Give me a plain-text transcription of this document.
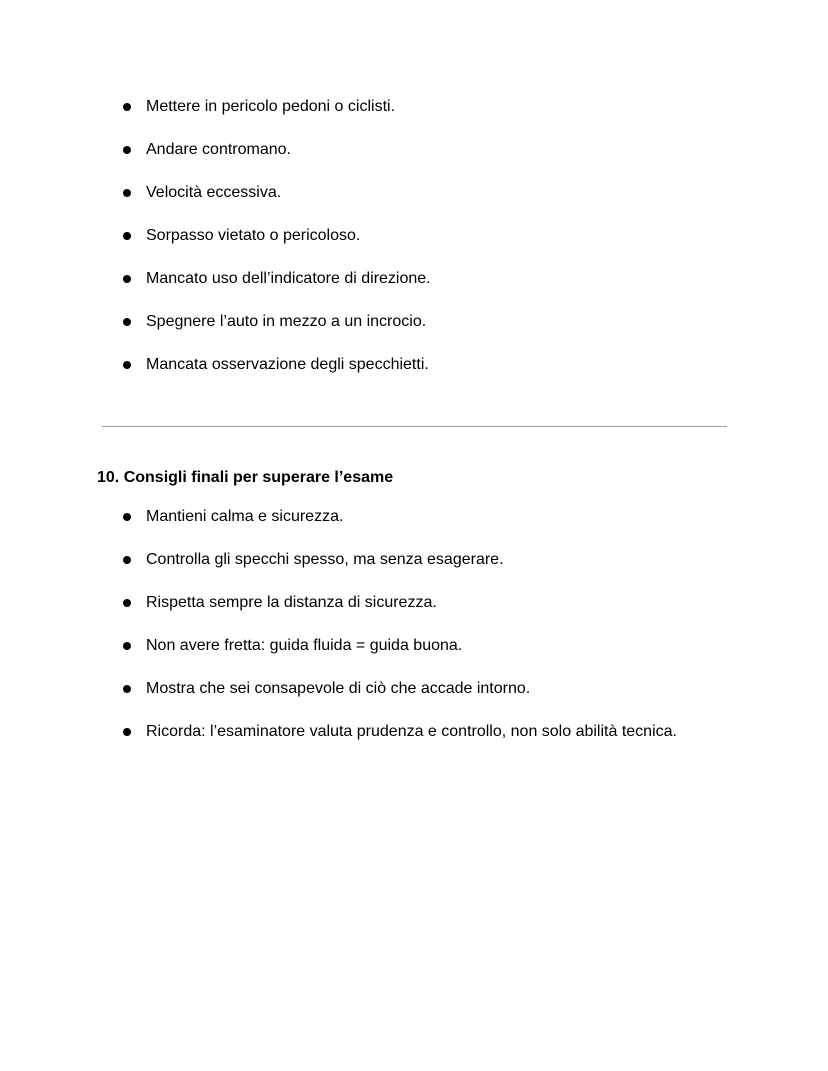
Mettere in pericolo pedoni o ciclisti.
Andare contromano.
Velocità eccessiva.
Sorpasso vietato o pericoloso.
Mancato uso dell’indicatore di direzione.
Spegnere l’auto in mezzo a un incrocio.
Mancata osservazione degli specchietti.
10. Consigli finali per superare l’esame
Mantieni calma e sicurezza.
Controlla gli specchi spesso, ma senza esagerare.
Rispetta sempre la distanza di sicurezza.
Non avere fretta: guida fluida = guida buona.
Mostra che sei consapevole di ciò che accade intorno.
Ricorda: l’esaminatore valuta prudenza e controllo, non solo abilità tecnica.
